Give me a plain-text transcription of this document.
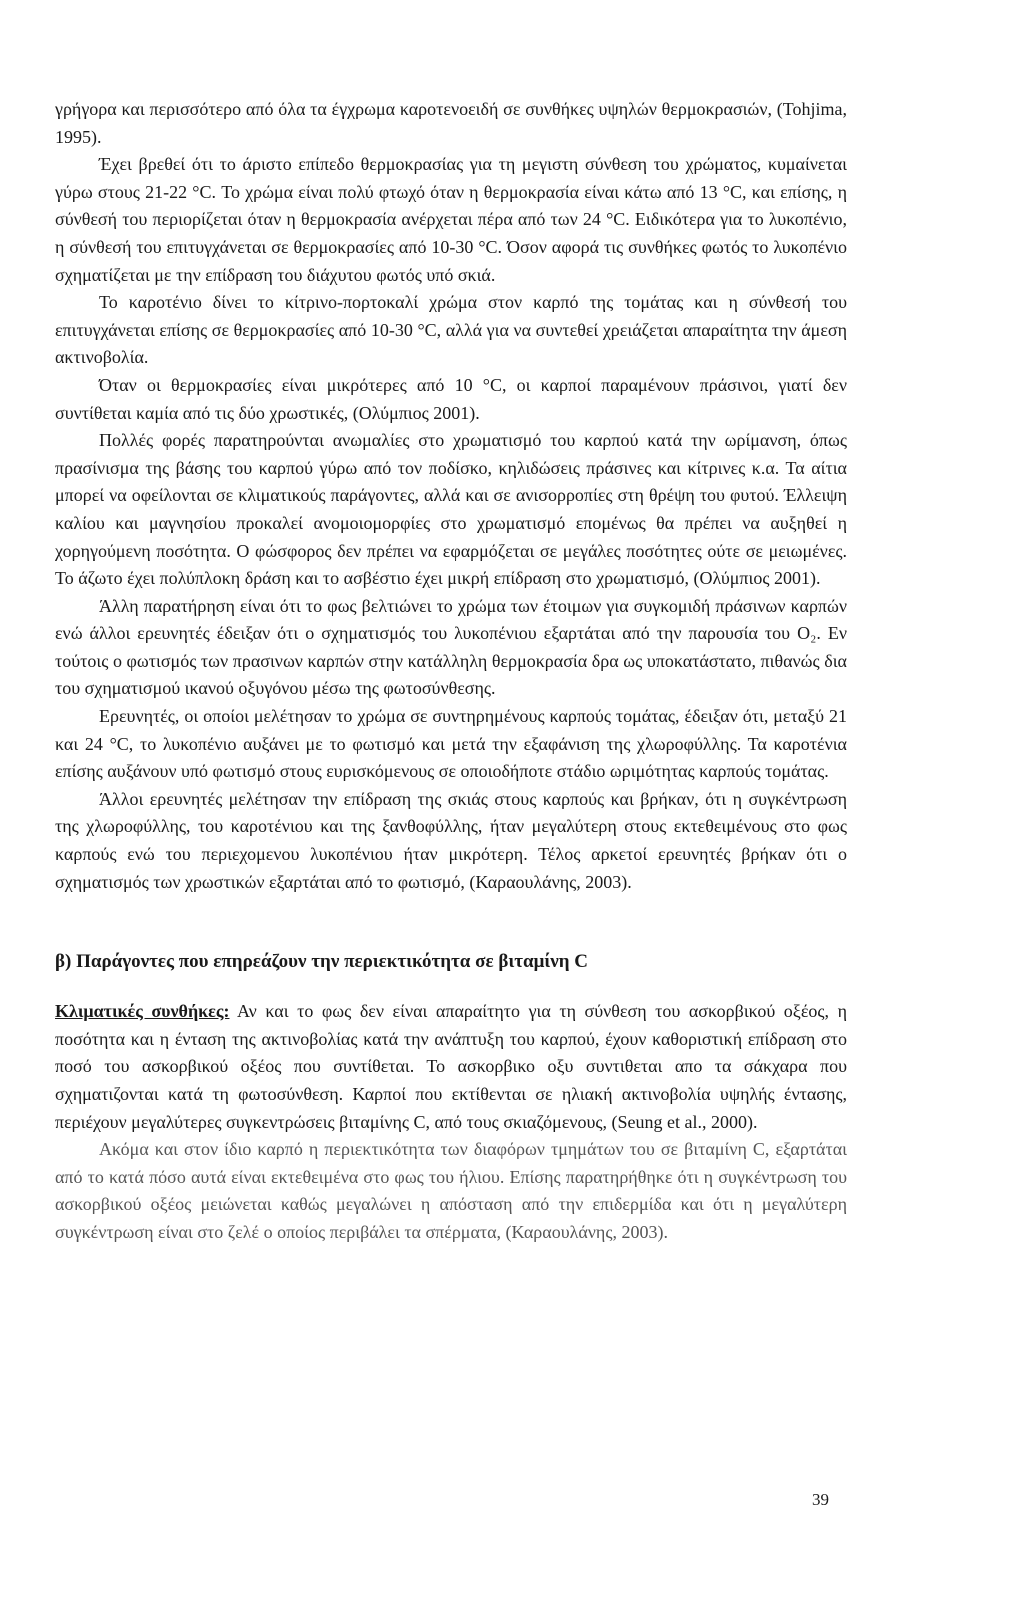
γρήγορα και περισσότερο από όλα τα έγχρωμα καροτενοειδή σε συνθήκες υψηλών θερμοκρασιών, (Tohjima, 1995).

Έχει βρεθεί ότι το άριστο επίπεδο θερμοκρασίας για τη μεγιστη σύνθεση του χρώματος, κυμαίνεται γύρω στους 21-22 °C. Το χρώμα είναι πολύ φτωχό όταν η θερμοκρασία είναι κάτω από 13 °C, και επίσης, η σύνθεσή του περιορίζεται όταν η θερμοκρασία ανέρχεται πέρα από των 24 °C. Ειδικότερα για το λυκοπένιο, η σύνθεσή του επιτυγχάνεται σε θερμοκρασίες από 10-30 °C. Όσον αφορά τις συνθήκες φωτός το λυκοπένιο σχηματίζεται με την επίδραση του διάχυτου φωτός υπό σκιά.

Το καροτένιο δίνει το κίτρινο-πορτοκαλί χρώμα στον καρπό της τομάτας και η σύνθεσή του επιτυγχάνεται επίσης σε θερμοκρασίες από 10-30 °C, αλλά για να συντεθεί χρειάζεται απαραίτητα την άμεση ακτινοβολία.

Όταν οι θερμοκρασίες είναι μικρότερες από 10 °C, οι καρποί παραμένουν πράσινοι, γιατί δεν συντίθεται καμία από τις δύο χρωστικές, (Ολύμπιος 2001).

Πολλές φορές παρατηρούνται ανωμαλίες στο χρωματισμό του καρπού κατά την ωρίμανση, όπως πρασίνισμα της βάσης του καρπού γύρω από τον ποδίσκο, κηλιδώσεις πράσινες και κίτρινες κ.α. Τα αίτια μπορεί να οφείλονται σε κλιματικούς παράγοντες, αλλά και σε ανισορροπίες στη θρέψη του φυτού. Έλλειψη καλίου και μαγνησίου προκαλεί ανομοιομορφίες στο χρωματισμό επομένως θα πρέπει να αυξηθεί η χορηγούμενη ποσότητα. Ο φώσφορος δεν πρέπει να εφαρμόζεται σε μεγάλες ποσότητες ούτε σε μειωμένες. Το άζωτο έχει πολύπλοκη δράση και το ασβέστιο έχει μικρή επίδραση στο χρωματισμό, (Ολύμπιος 2001).

Άλλη παρατήρηση είναι ότι το φως βελτιώνει το χρώμα των έτοιμων για συγκομιδή πράσινων καρπών ενώ άλλοι ερευνητές έδειξαν ότι ο σχηματισμός του λυκοπένιου εξαρτάται από την παρουσία του Ο₂. Εν τούτοις ο φωτισμός των πρασινων καρπών στην κατάλληλη θερμοκρασία δρα ως υποκατάστατο, πιθανώς δια του σχηματισμού ικανού οξυγόνου μέσω της φωτοσύνθεσης.

Ερευνητές, οι οποίοι μελέτησαν το χρώμα σε συντηρημένους καρπούς τομάτας, έδειξαν ότι, μεταξύ 21 και 24 °C, το λυκοπένιο αυξάνει με το φωτισμό και μετά την εξαφάνιση της χλωροφύλλης. Τα καροτένια επίσης αυξάνουν υπό φωτισμό στους ευρισκόμενους σε οποιοδήποτε στάδιο ωριμότητας καρπούς τομάτας.

Άλλοι ερευνητές μελέτησαν την επίδραση της σκιάς στους καρπούς και βρήκαν, ότι η συγκέντρωση της χλωροφύλλης, του καροτένιου και της ξανθοφύλλης, ήταν μεγαλύτερη στους εκτεθειμένους στο φως καρπούς ενώ του περιεχομενου λυκοπένιου ήταν μικρότερη. Τέλος αρκετοί ερευνητές βρήκαν ότι ο σχηματισμός των χρωστικών εξαρτάται από το φωτισμό, (Καραουλάνης, 2003).

β) Παράγοντες που επηρεάζουν την περιεκτικότητα σε βιταμίνη C

Κλιματικές συνθήκες: Αν και το φως δεν είναι απαραίτητο για τη σύνθεση του ασκορβικού οξέος, η ποσότητα και η ένταση της ακτινοβολίας κατά την ανάπτυξη του καρπού, έχουν καθοριστική επίδραση στο ποσό του ασκορβικού οξέος που συντίθεται. Το ασκορβικο οξυ συντιθεται απο τα σάκχαρα που σχηματιζονται κατά τη φωτοσύνθεση. Καρποί που εκτίθενται σε ηλιακή ακτινοβολία υψηλής έντασης, περιέχουν μεγαλύτερες συγκεντρώσεις βιταμίνης C, από τους σκιαζόμενους, (Seung et al., 2000).

Ακόμα και στον ίδιο καρπό η περιεκτικότητα των διαφόρων τμημάτων του σε βιταμίνη C, εξαρτάται από το κατά πόσο αυτά είναι εκτεθειμένα στο φως του ήλιου. Επίσης παρατηρήθηκε ότι η συγκέντρωση του ασκορβικού οξέος μειώνεται καθώς μεγαλώνει η απόσταση από την επιδερμίδα και ότι η μεγαλύτερη συγκέντρωση είναι στο ζελέ ο οποίος περιβάλει τα σπέρματα, (Καραουλάνης, 2003).

39
